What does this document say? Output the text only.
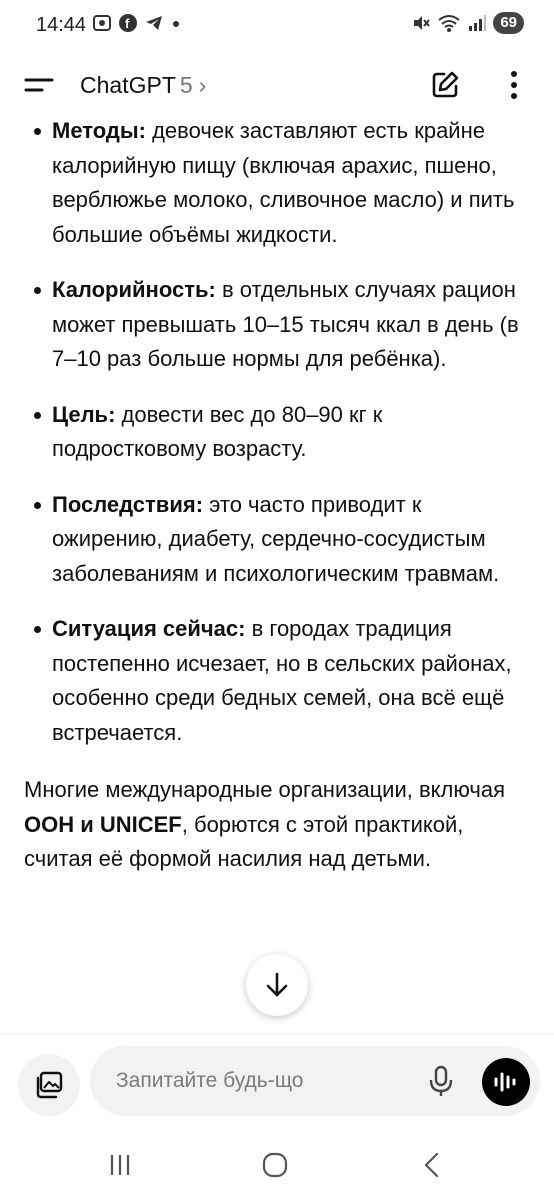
14:44	f	69
ChatGPT 5 ›
Методы: девочек заставляют есть крайне калорийную пищу (включая арахис, пшено, верблюжье молоко, сливочное масло) и пить большие объёмы жидкости.
Калорийность: в отдельных случаях рацион может превышать 10–15 тысяч ккал в день (в 7–10 раз больше нормы для ребёнка).
Цель: довести вес до 80–90 кг к подростковому возрасту.
Последствия: это часто приводит к ожирению, диабету, сердечно-сосудистым заболеваниям и психологическим травмам.
Ситуация сейчас: в городах традиция постепенно исчезает, но в сельских районах, особенно среди бедных семей, она всё ещё встречается.

Многие международные организации, включая ООН и UNICEF, борются с этой практикой, считая её формой насилия над детьми.

Запитайте будь-що
